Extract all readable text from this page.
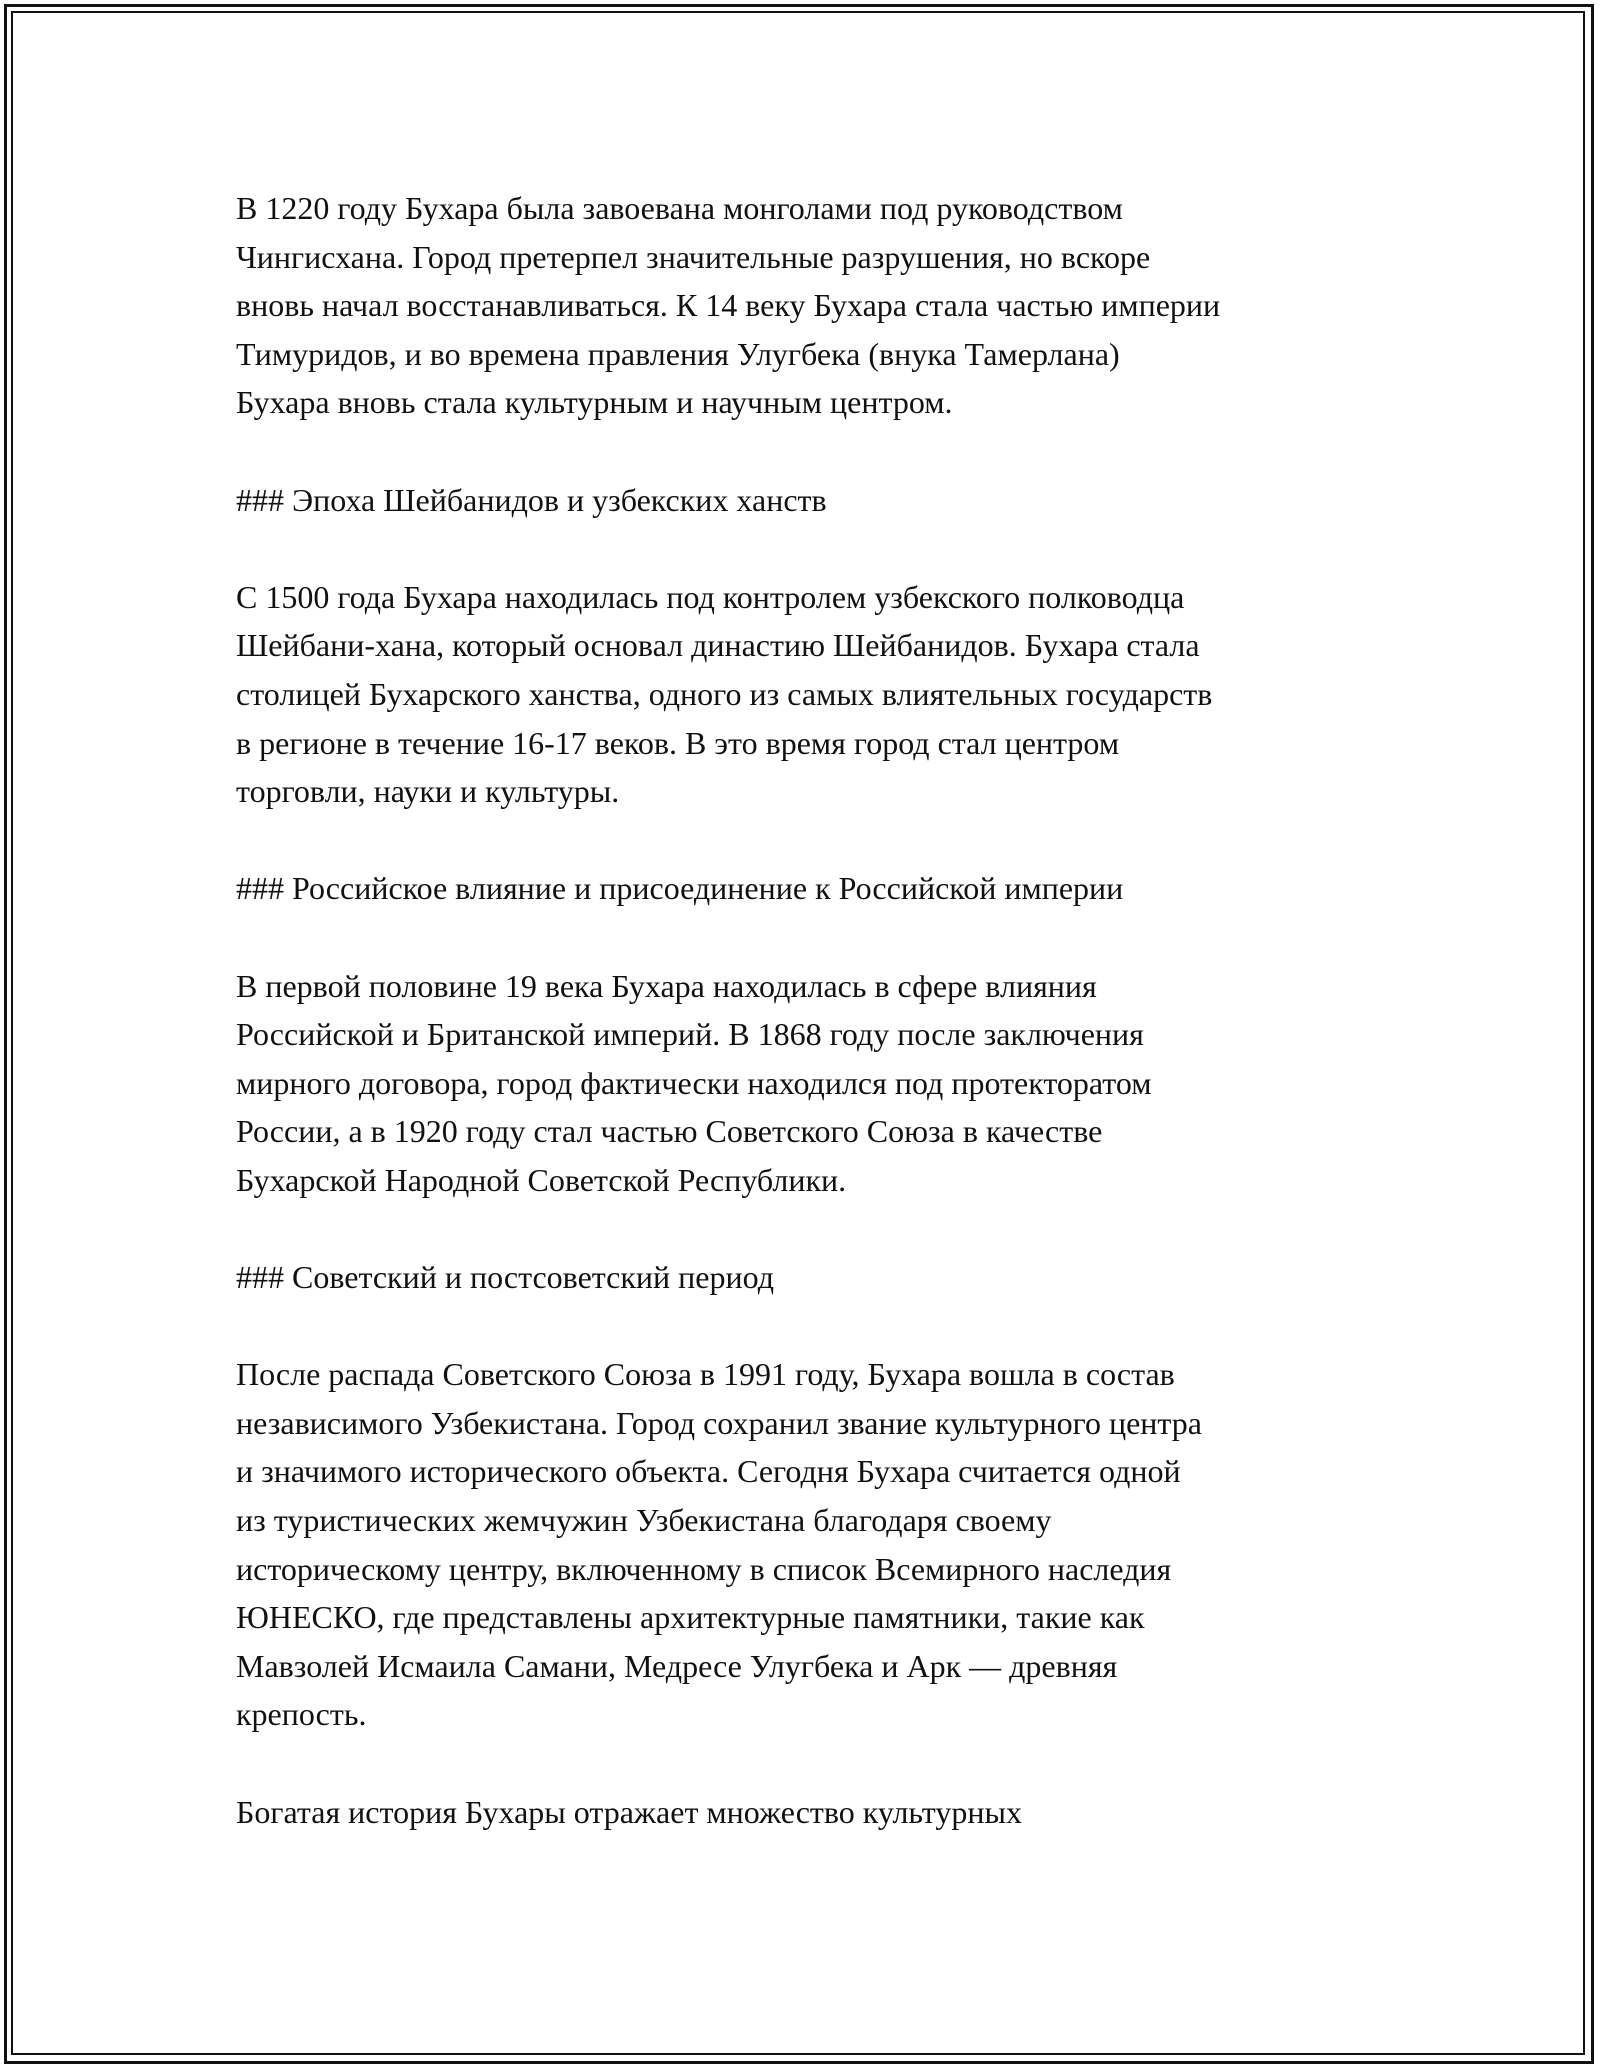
В 1220 году Бухара была завоевана монголами под руководством

Чингисхана. Город претерпел значительные разрушения, но вскоре

вновь начал восстанавливаться. К 14 веку Бухара стала частью империи

Тимуридов, и во времена правления Улугбека (внука Тамерлана)

Бухара вновь стала культурным и научным центром.

### Эпоха Шейбанидов и узбекских ханств

С 1500 года Бухара находилась под контролем узбекского полководца

Шейбани-хана, который основал династию Шейбанидов. Бухара стала

столицей Бухарского ханства, одного из самых влиятельных государств

в регионе в течение 16-17 веков. В это время город стал центром

торговли, науки и культуры.

### Российское влияние и присоединение к Российской империи

В первой половине 19 века Бухара находилась в сфере влияния

Российской и Британской империй. В 1868 году после заключения

мирного договора, город фактически находился под протекторатом

России, а в 1920 году стал частью Советского Союза в качестве

Бухарской Народной Советской Республики.

### Советский и постсоветский период

После распада Советского Союза в 1991 году, Бухара вошла в состав

независимого Узбекистана. Город сохранил звание культурного центра

и значимого исторического объекта. Сегодня Бухара считается одной

из туристических жемчужин Узбекистана благодаря своему

историческому центру, включенному в список Всемирного наследия

ЮНЕСКО, где представлены архитектурные памятники, такие как

Мавзолей Исмаила Самани, Медресе Улугбека и Арк — древняя

крепость.

Богатая история Бухары отражает множество культурных
